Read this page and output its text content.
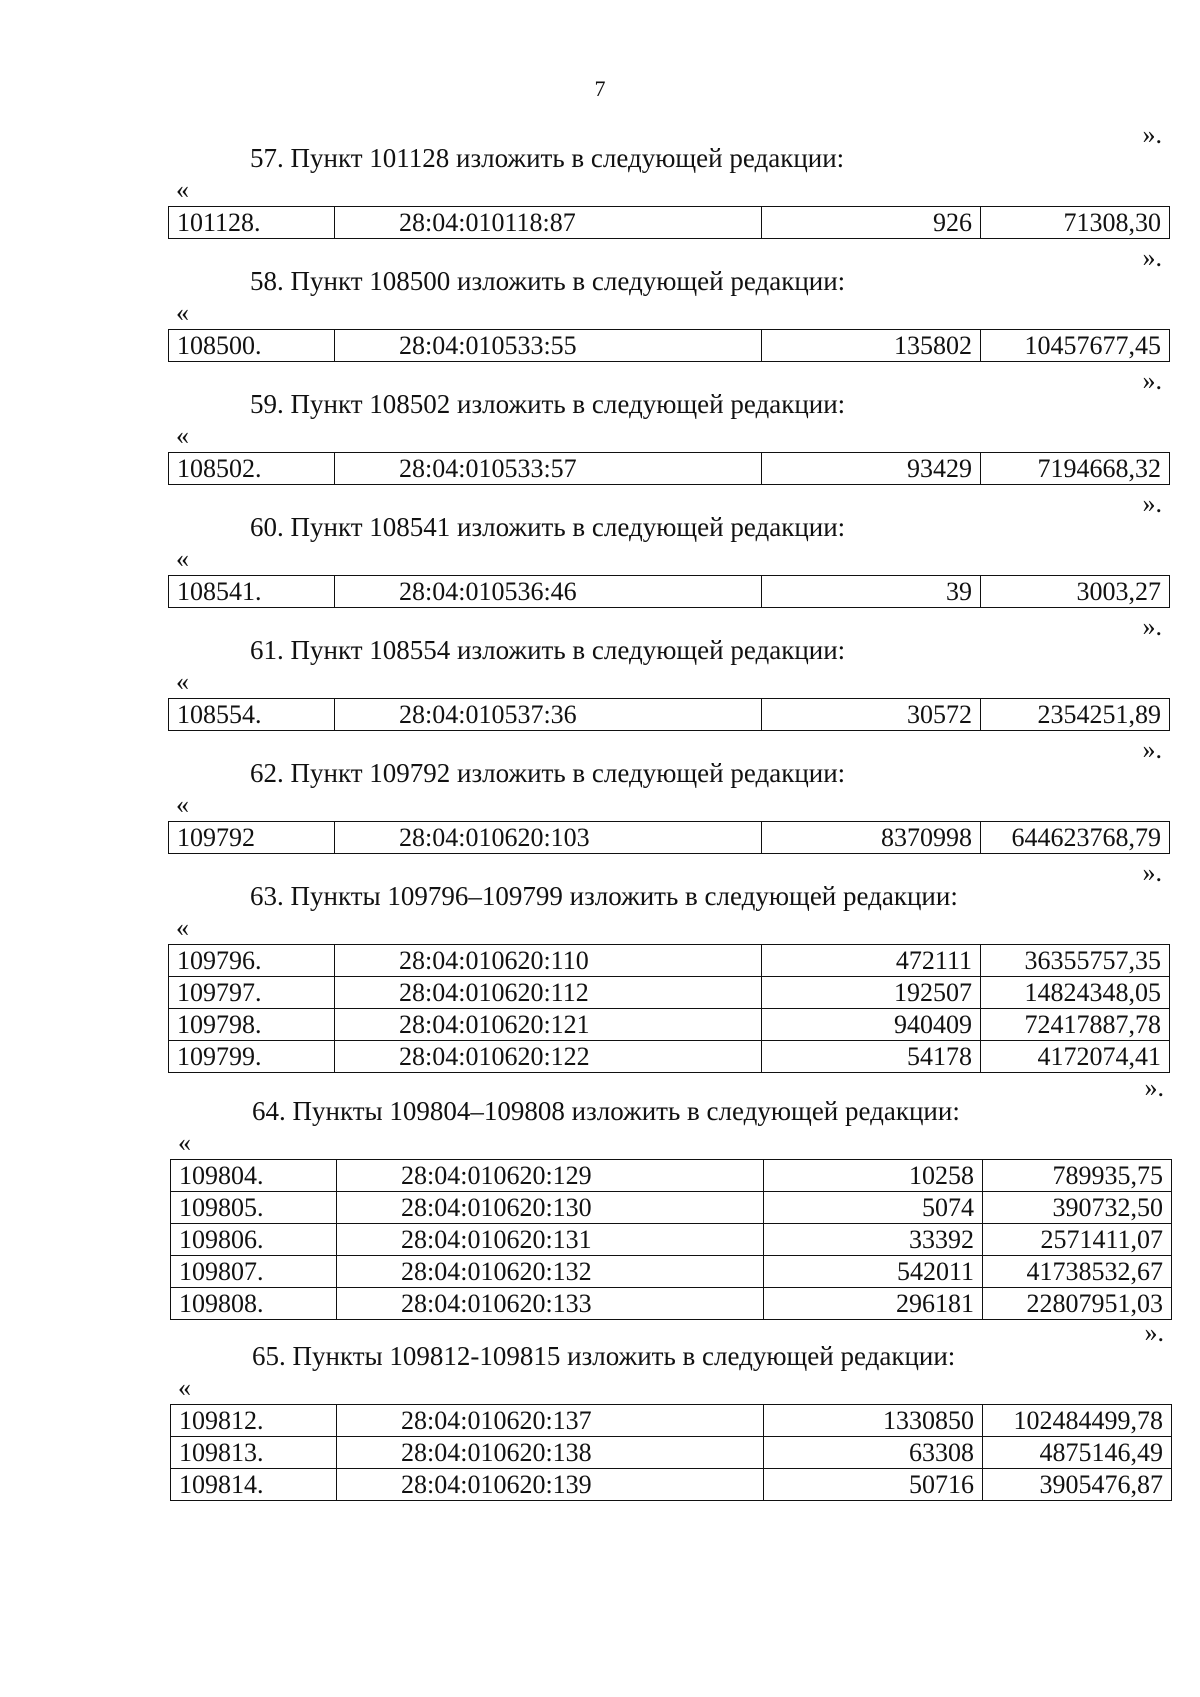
7
».
57. Пункт 101128 изложить в следующей редакции:
«
101128.	28:04:010118:87	926	71308,30
».
58. Пункт 108500 изложить в следующей редакции:
«
108500.	28:04:010533:55	135802	10457677,45
».
59. Пункт 108502 изложить в следующей редакции:
«
108502.	28:04:010533:57	93429	7194668,32
».
60. Пункт 108541 изложить в следующей редакции:
«
108541.	28:04:010536:46	39	3003,27
».
61. Пункт 108554 изложить в следующей редакции:
«
108554.	28:04:010537:36	30572	2354251,89
».
62. Пункт 109792 изложить в следующей редакции:
«
109792	28:04:010620:103	8370998	644623768,79
».
63. Пункты 109796–109799 изложить в следующей редакции:
«
109796.	28:04:010620:110	472111	36355757,35
109797.	28:04:010620:112	192507	14824348,05
109798.	28:04:010620:121	940409	72417887,78
109799.	28:04:010620:122	54178	4172074,41
».
64. Пункты 109804–109808 изложить в следующей редакции:
«
109804.	28:04:010620:129	10258	789935,75
109805.	28:04:010620:130	5074	390732,50
109806.	28:04:010620:131	33392	2571411,07
109807.	28:04:010620:132	542011	41738532,67
109808.	28:04:010620:133	296181	22807951,03
».
65. Пункты 109812-109815 изложить в следующей редакции:
«
109812.	28:04:010620:137	1330850	102484499,78
109813.	28:04:010620:138	63308	4875146,49
109814.	28:04:010620:139	50716	3905476,87
